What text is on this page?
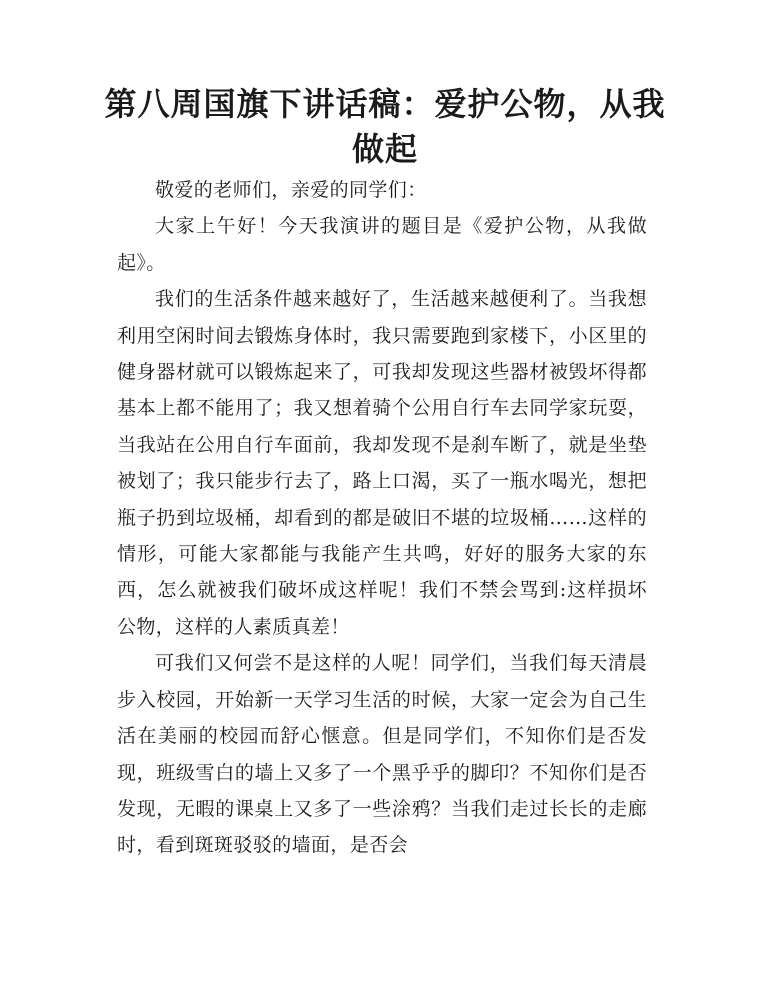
第八周国旗下讲话稿：爱护公物，从我做起

敬爱的老师们，亲爱的同学们：

大家上午好！今天我演讲的题目是《爱护公物，从我做起》。

我们的生活条件越来越好了，生活越来越便利了。当我想利用空闲时间去锻炼身体时，我只需要跑到家楼下，小区里的健身器材就可以锻炼起来了，可我却发现这些器材被毁坏得都基本上都不能用了；我又想着骑个公用自行车去同学家玩耍，当我站在公用自行车面前，我却发现不是刹车断了，就是坐垫被划了；我只能步行去了，路上口渴，买了一瓶水喝光，想把瓶子扔到垃圾桶，却看到的都是破旧不堪的垃圾桶……这样的情形，可能大家都能与我能产生共鸣，好好的服务大家的东西，怎么就被我们破坏成这样呢！我们不禁会骂到:这样损坏公物，这样的人素质真差！

可我们又何尝不是这样的人呢！同学们，当我们每天清晨步入校园，开始新一天学习生活的时候，大家一定会为自己生活在美丽的校园而舒心惬意。但是同学们，不知你们是否发现，班级雪白的墙上又多了一个黑乎乎的脚印？不知你们是否发现，无暇的课桌上又多了一些涂鸦？当我们走过长长的走廊时，看到斑斑驳驳的墙面，是否会
